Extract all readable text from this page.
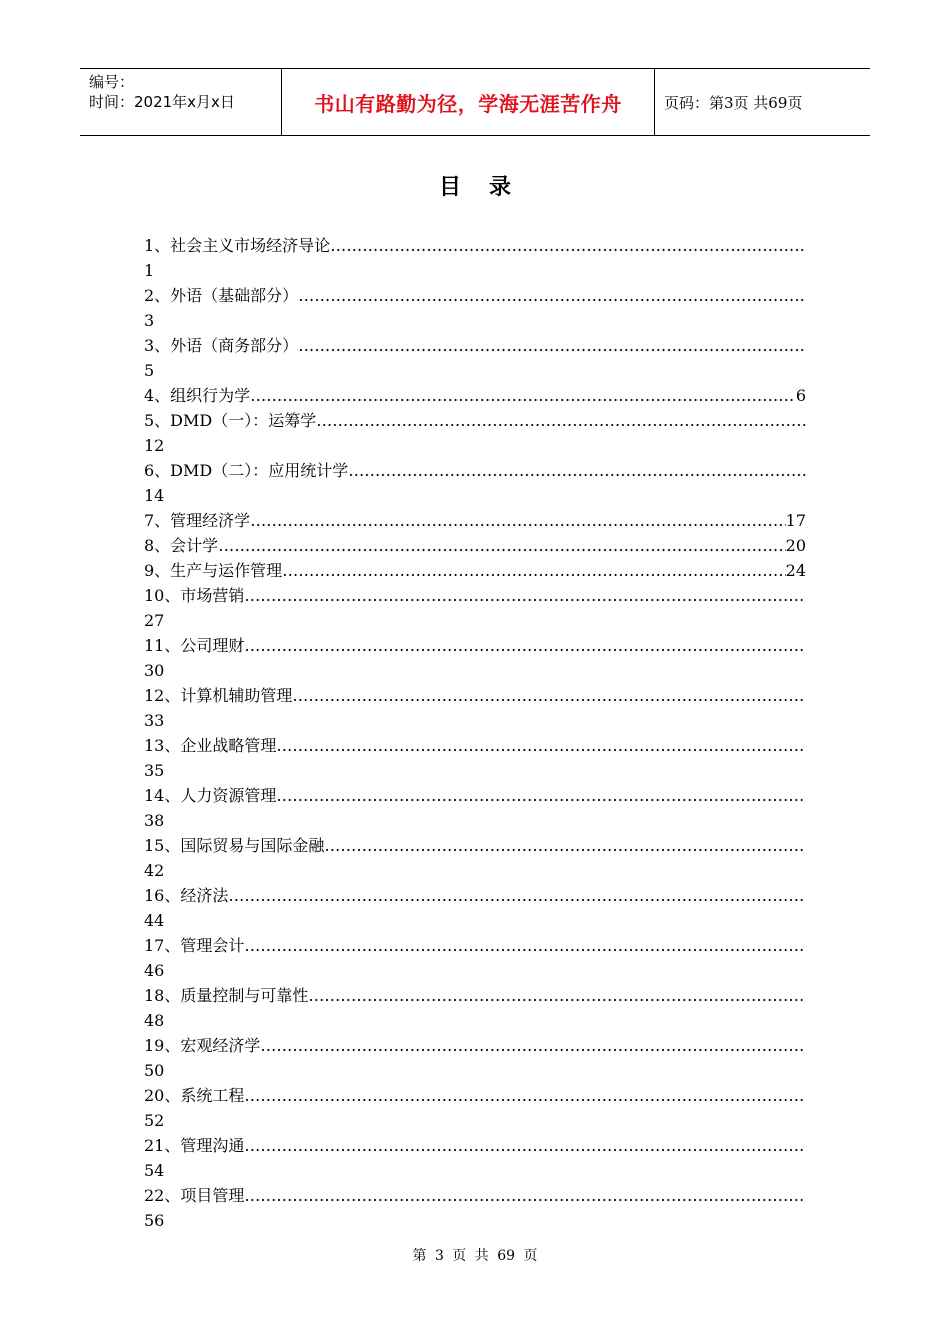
编号：
时间：2021年x月x日	书山有路勤为径，学海无涯苦作舟	页码：第3页 共69页
目录
1、社会主义市场经济导论
…………………………………………………………………………………………………………………………………………………………
1
2、外语（基础部分）
…………………………………………………………………………………………………………………………………………………………
3
3、外语（商务部分）
…………………………………………………………………………………………………………………………………………………………
5
4、组织行为学 …………………………………………………………………………………………………………………………………………………………	6
5、DMD（一）：运筹学
…………………………………………………………………………………………………………………………………………………………
12
6、DMD（二）：应用统计学
…………………………………………………………………………………………………………………………………………………………
14
7、管理经济学 …………………………………………………………………………………………………………………………………………………………	17
8、会计学 …………………………………………………………………………………………………………………………………………………………	20
9、生产与运作管理 …………………………………………………………………………………………………………………………………………………………	24
10、市场营销
…………………………………………………………………………………………………………………………………………………………
27
11、公司理财
…………………………………………………………………………………………………………………………………………………………
30
12、计算机辅助管理
…………………………………………………………………………………………………………………………………………………………
33
13、企业战略管理
…………………………………………………………………………………………………………………………………………………………
35
14、人力资源管理
…………………………………………………………………………………………………………………………………………………………
38
15、国际贸易与国际金融
…………………………………………………………………………………………………………………………………………………………
42
16、经济法
…………………………………………………………………………………………………………………………………………………………
44
17、管理会计
…………………………………………………………………………………………………………………………………………………………
46
18、质量控制与可靠性
…………………………………………………………………………………………………………………………………………………………
48
19、宏观经济学
…………………………………………………………………………………………………………………………………………………………
50
20、系统工程
…………………………………………………………………………………………………………………………………………………………
52
21、管理沟通
…………………………………………………………………………………………………………………………………………………………
54
22、项目管理
…………………………………………………………………………………………………………………………………………………………
56
第 3 页 共 69 页
